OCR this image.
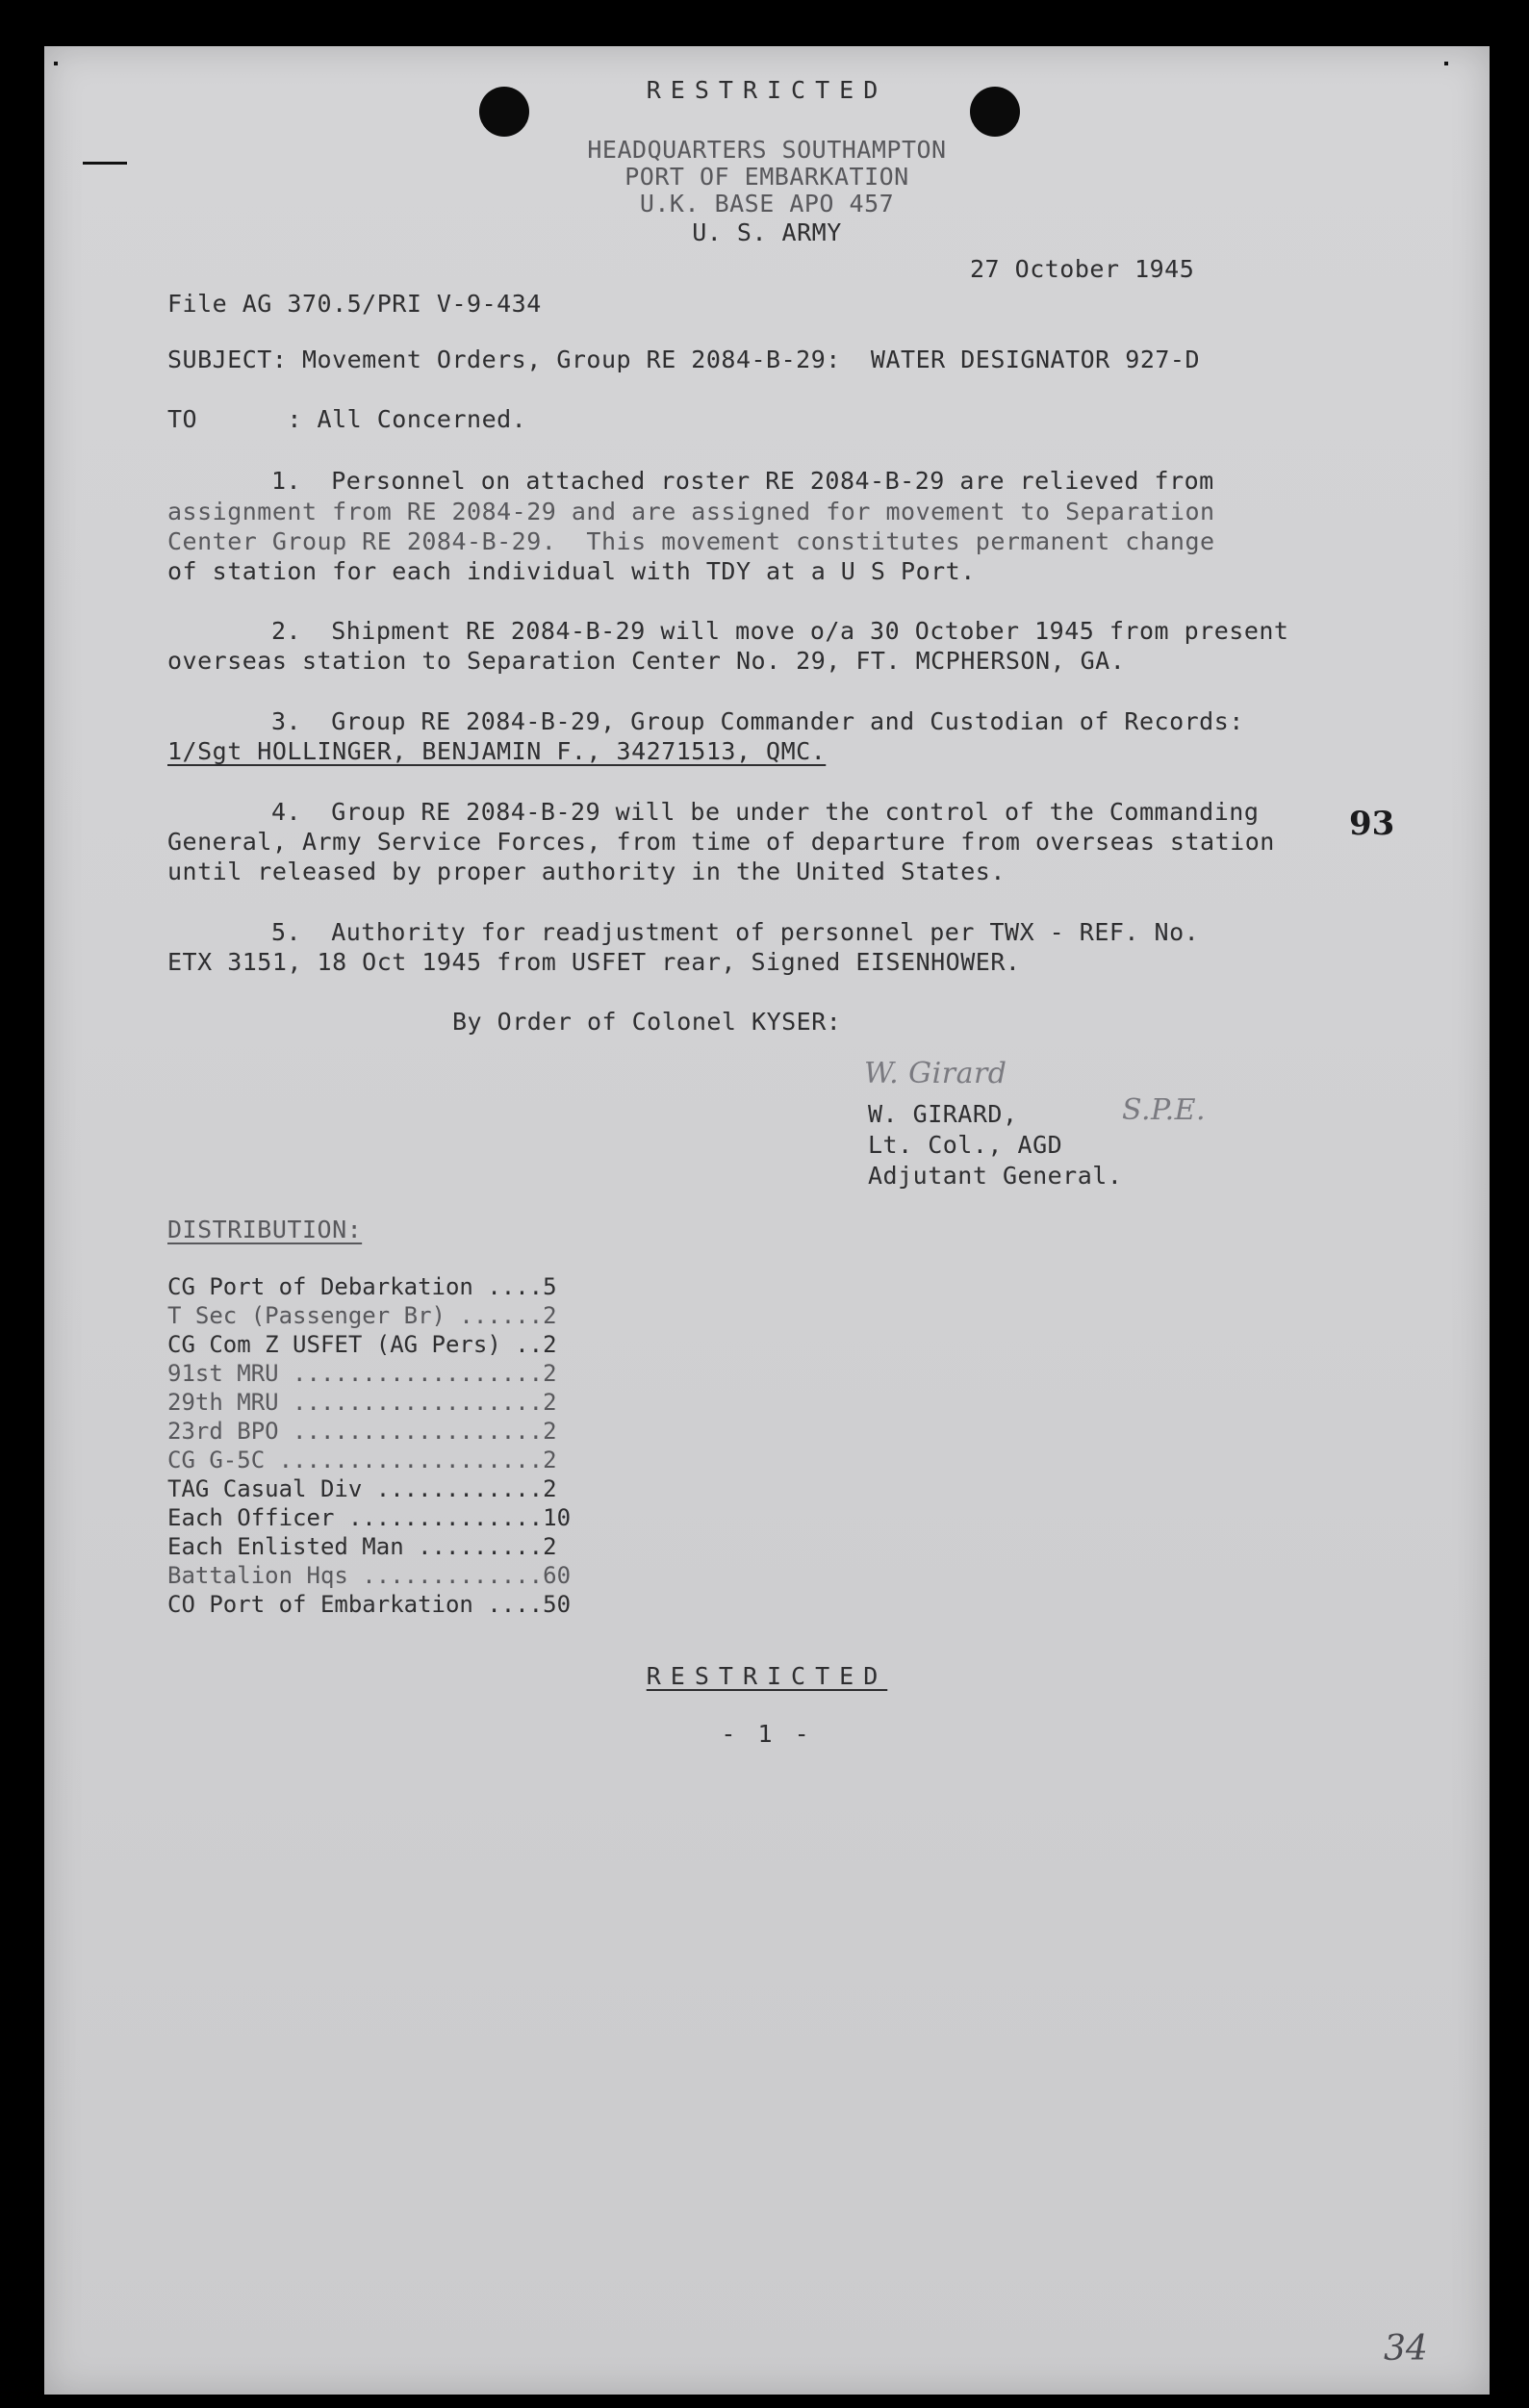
RESTRICTED
HEADQUARTERS SOUTHAMPTON
PORT OF EMBARKATION
U.K. BASE APO 457
U. S. ARMY
27 October 1945
File AG 370.5/PRI V-9-434
SUBJECT: Movement Orders, Group RE 2084-B-29:  WATER DESIGNATOR 927-D
TO      : All Concerned.
1.  Personnel on attached roster RE 2084-B-29 are relieved from
assignment from RE 2084-29 and are assigned for movement to Separation
Center Group RE 2084-B-29.  This movement constitutes permanent change
of station for each individual with TDY at a U S Port.
2.  Shipment RE 2084-B-29 will move o/a 30 October 1945 from present
overseas station to Separation Center No. 29, FT. MCPHERSON, GA.
3.  Group RE 2084-B-29, Group Commander and Custodian of Records:
1/Sgt HOLLINGER, BENJAMIN F., 34271513, QMC.
4.  Group RE 2084-B-29 will be under the control of the Commanding
General, Army Service Forces, from time of departure from overseas station
until released by proper authority in the United States.
5.  Authority for readjustment of personnel per TWX - REF. No.
ETX 3151, 18 Oct 1945 from USFET rear, Signed EISENHOWER.
By Order of Colonel KYSER:
W. Girard
S.P.E.
W. GIRARD,
Lt. Col., AGD
Adjutant General.
DISTRIBUTION:
CG Port of Debarkation ....5
T Sec (Passenger Br) ......2
CG Com Z USFET (AG Pers) ..2
91st MRU ..................2
29th MRU ..................2
23rd BPO ..................2
CG G-5C ...................2
TAG Casual Div ............2
Each Officer ..............10
Each Enlisted Man .........2
Battalion Hqs .............60
CO Port of Embarkation ....50
RESTRICTED
- 1 -
93
34
